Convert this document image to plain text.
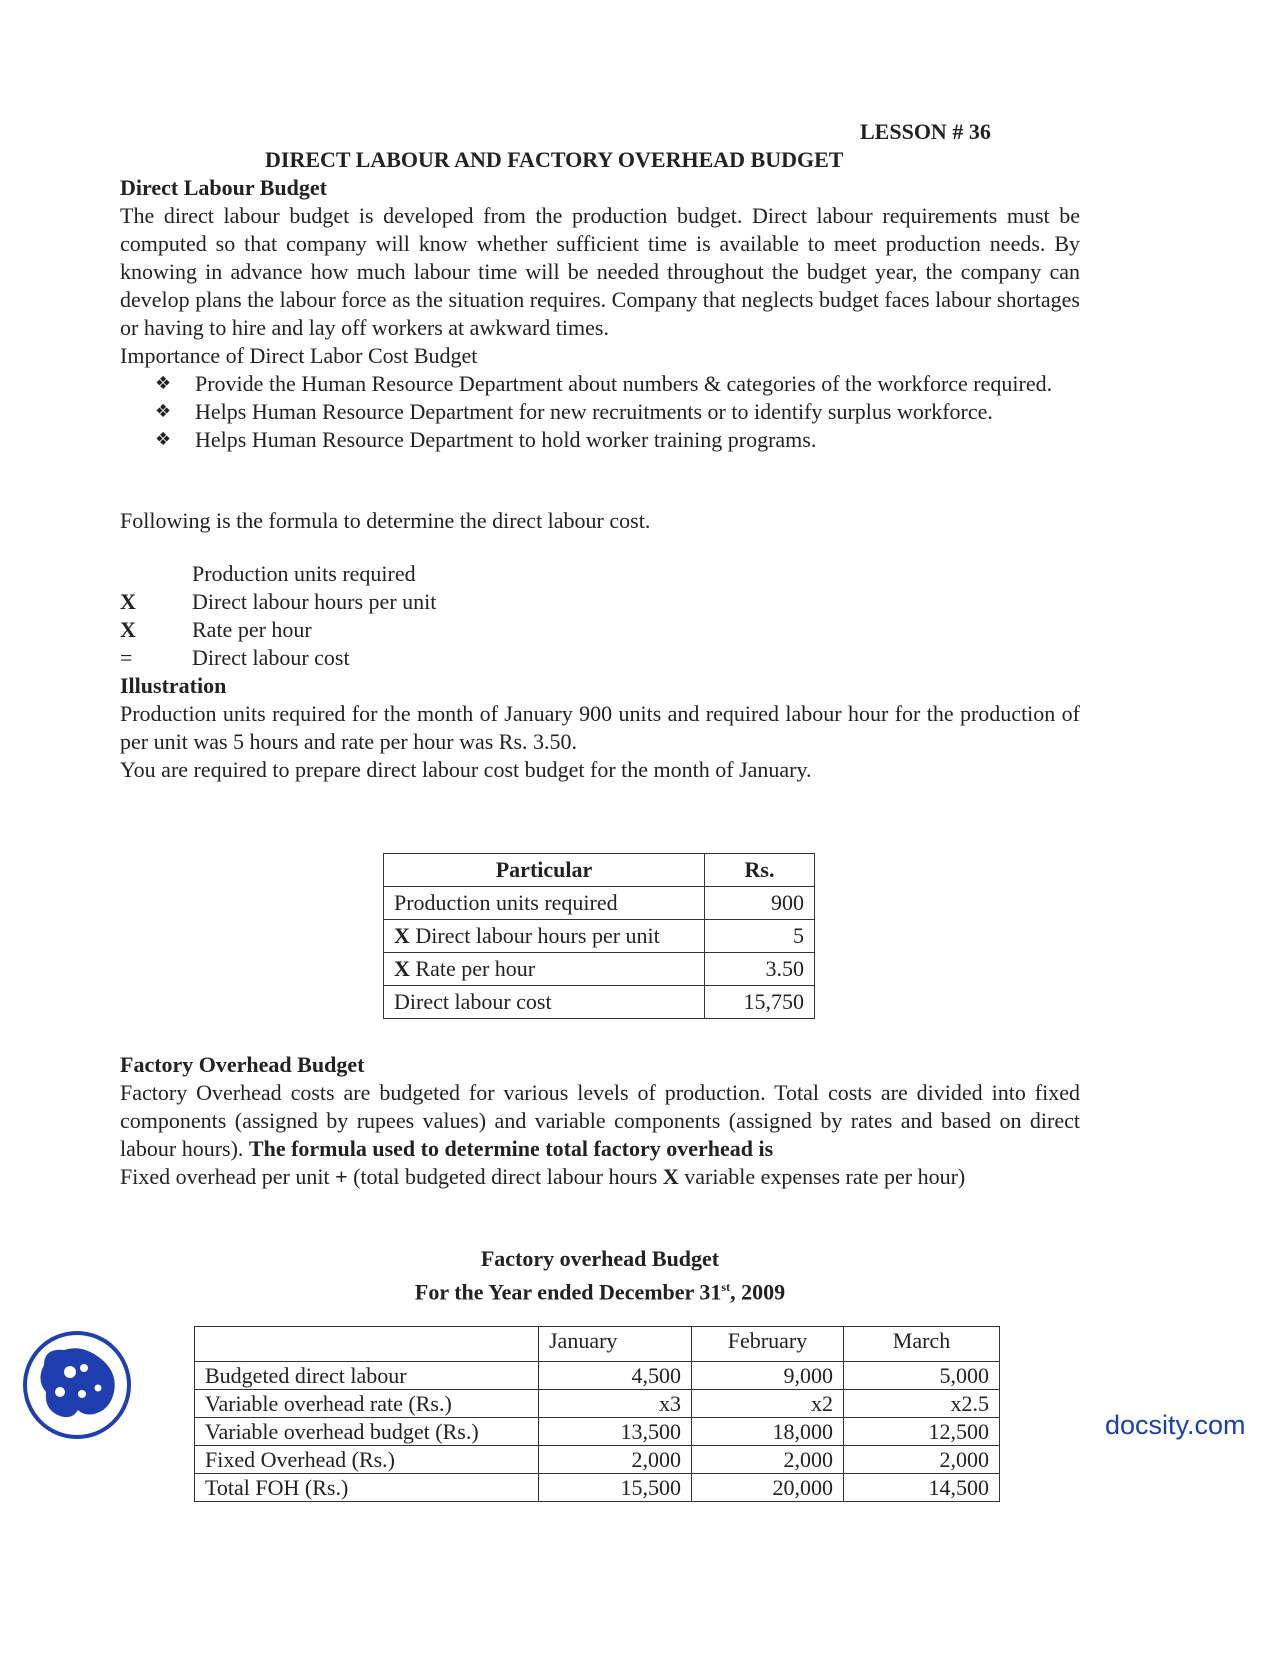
LESSON # 36
DIRECT LABOUR AND FACTORY OVERHEAD BUDGET
Direct Labour Budget

The direct labour budget is developed from the production budget. Direct labour requirements must be computed so that company will know whether sufficient time is available to meet production needs. By knowing in advance how much labour time will be needed throughout the budget year, the company can develop plans the labour force as the situation requires. Company that neglects budget faces labour shortages or having to hire and lay off workers at awkward times.

Importance of Direct Labor Cost Budget

❖ Provide the Human Resource Department about numbers & categories of the workforce required.
❖ Helps Human Resource Department for new recruitments or to identify surplus workforce.
❖ Helps Human Resource Department to hold worker training programs.
Following is the formula to determine the direct labour cost.
Production units required
X	Direct labour hours per unit
X	Rate per hour
=	Direct labour cost
Illustration

Production units required for the month of January 900 units and required labour hour for the production of per unit was 5 hours and rate per hour was Rs. 3.50.

You are required to prepare direct labour cost budget for the month of January.

Particular	Rs.
Production units required	900
X Direct labour hours per unit	5
X Rate per hour	3.50
Direct labour cost	15,750
Factory Overhead Budget

Factory Overhead costs are budgeted for various levels of production. Total costs are divided into fixed components (assigned by rupees values) and variable components (assigned by rates and based on direct labour hours). The formula used to determine total factory overhead is

Fixed overhead per unit + (total budgeted direct labour hours X variable expenses rate per hour)

Factory overhead Budget
For the Year ended December 31st, 2009
	January	February	March
Budgeted direct labour	4,500	9,000	5,000
Variable overhead rate (Rs.)	x3	x2	x2.5
Variable overhead budget (Rs.)	13,500	18,000	12,500
Fixed Overhead (Rs.)	2,000	2,000	2,000
Total FOH (Rs.)	15,500	20,000	14,500
docsity.com
